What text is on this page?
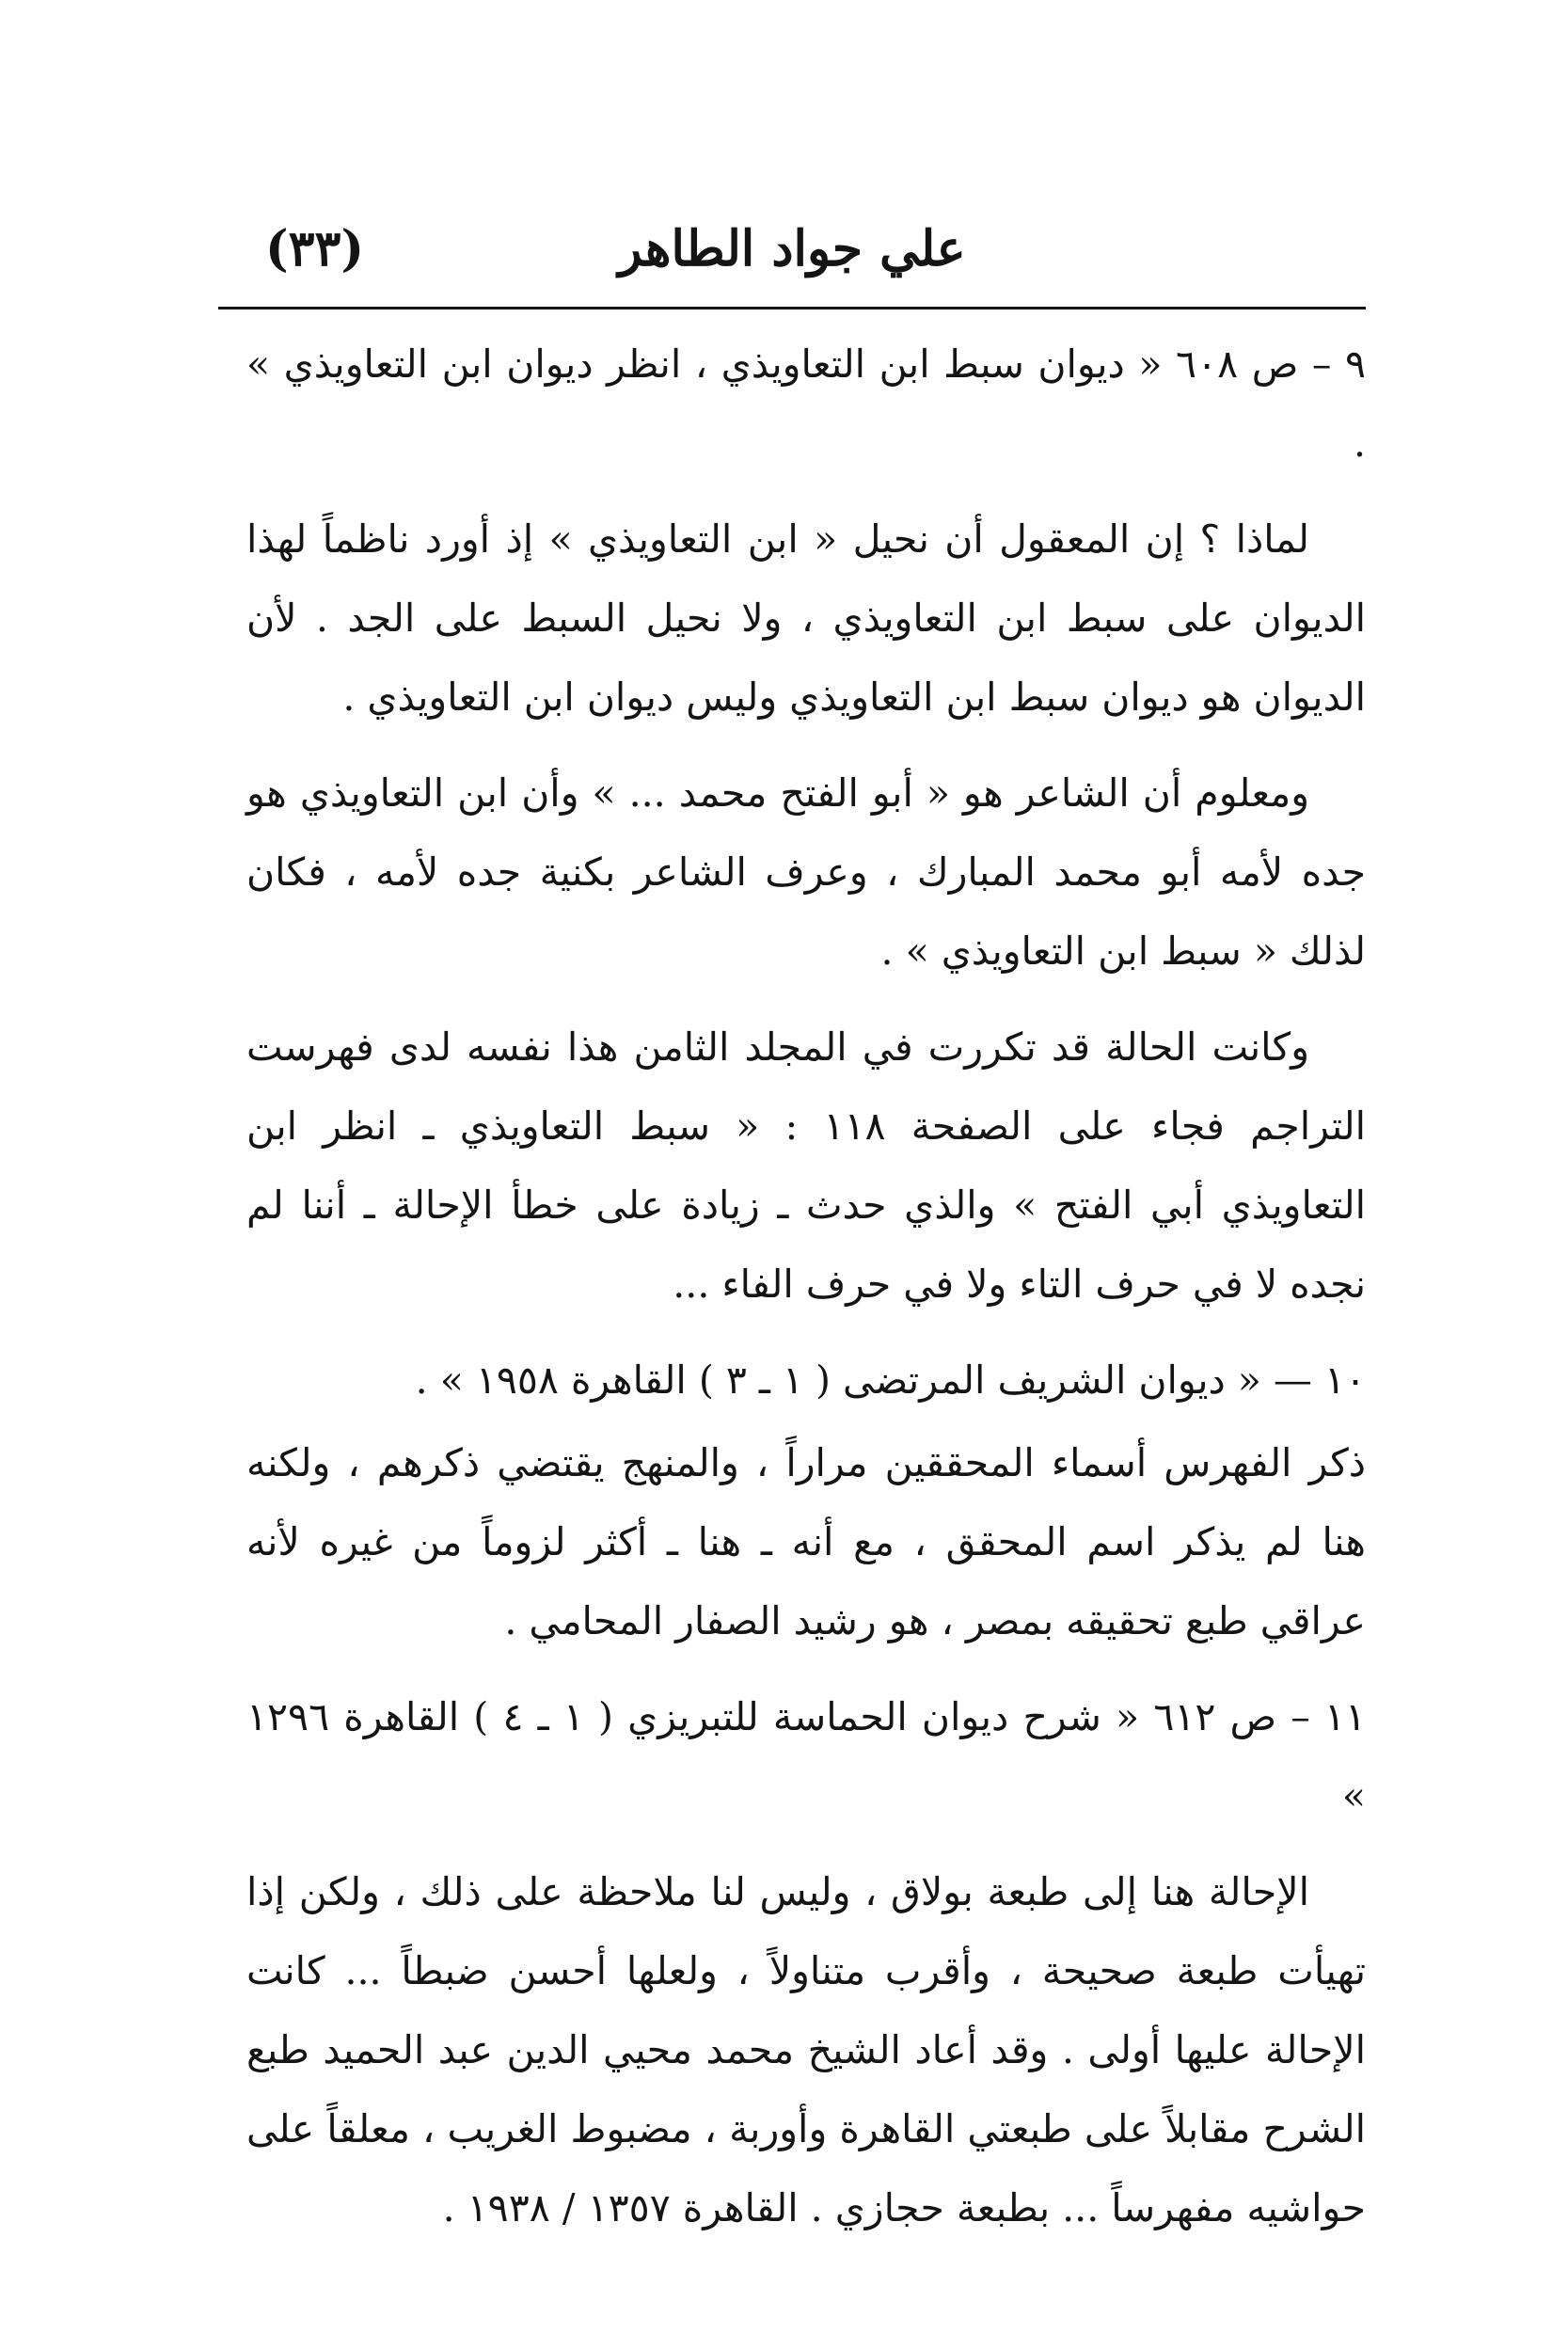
علي جواد الطاهر
(٣٣)

٩ – ص ٦٠٨ « ديوان سبط ابن التعاويذي ، انظر ديوان ابن التعاويذي » .

لماذا ؟ إن المعقول أن نحيل « ابن التعاويذي » إذ أورد ناظماً لهذا الديوان على سبط ابن التعاويذي ، ولا نحيل السبط على الجد . لأن الديوان هو ديوان سبط ابن التعاويذي وليس ديوان ابن التعاويذي .

ومعلوم أن الشاعر هو « أبو الفتح محمد ... » وأن ابن التعاويذي هو جده لأمه أبو محمد المبارك ، وعرف الشاعر بكنية جده لأمه ، فكان لذلك « سبط ابن التعاويذي » .

وكانت الحالة قد تكررت في المجلد الثامن هذا نفسه لدى فهرست التراجم فجاء على الصفحة ١١٨ : « سبط التعاويذي ـ انظر ابن التعاويذي أبي الفتح » والذي حدث ـ زيادة على خطأ الإحالة ـ أننا لم نجده لا في حرف التاء ولا في حرف الفاء ...

١٠ — « ديوان الشريف المرتضى ( ١ ـ ٣ ) القاهرة ١٩٥٨ » .

ذكر الفهرس أسماء المحققين مراراً ، والمنهج يقتضي ذكرهم ، ولكنه هنا لم يذكر اسم المحقق ، مع أنه ـ هنا ـ أكثر لزوماً من غيره لأنه عراقي طبع تحقيقه بمصر ، هو رشيد الصفار المحامي .

١١ – ص ٦١٢ « شرح ديوان الحماسة للتبريزي ( ١ ـ ٤ ) القاهرة ١٢٩٦ »

الإحالة هنا إلى طبعة بولاق ، وليس لنا ملاحظة على ذلك ، ولكن إذا تهيأت طبعة صحيحة ، وأقرب متناولاً ، ولعلها أحسن ضبطاً ... كانت الإحالة عليها أولى . وقد أعاد الشيخ محمد محيي الدين عبد الحميد طبع الشرح مقابلاً على طبعتي القاهرة وأوربة ، مضبوط الغريب ، معلقاً على حواشيه مفهرساً ... بطبعة حجازي . القاهرة ١٣٥٧ / ١٩٣٨ .
